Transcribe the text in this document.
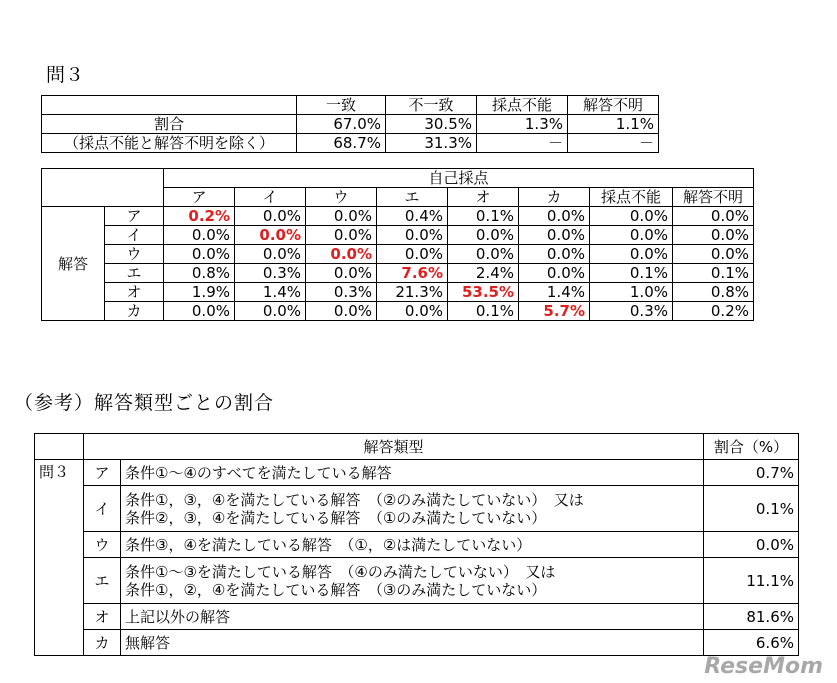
問３
	一致	不一致	採点不能	解答不明
割合	67.0%	30.5%	1.3%	1.1%
（採点不能と解答不明を除く）	68.7%	31.3%	－	－
		自己採点							
		ア	イ	ウ	エ	オ	カ	採点不能	解答不明
解答	ア	0.2%	0.0%	0.0%	0.4%	0.1%	0.0%	0.0%	0.0%
	イ	0.0%	0.0%	0.0%	0.0%	0.0%	0.0%	0.0%	0.0%
	ウ	0.0%	0.0%	0.0%	0.0%	0.0%	0.0%	0.0%	0.0%
	エ	0.8%	0.3%	0.0%	7.6%	2.4%	0.0%	0.1%	0.1%
	オ	1.9%	1.4%	0.3%	21.3%	53.5%	1.4%	1.0%	0.8%
	カ	0.0%	0.0%	0.0%	0.0%	0.1%	5.7%	0.3%	0.2%
（参考）解答類型ごとの割合
	解答類型		割合（%）
問３	ア	条件①～④のすべてを満たしている解答	0.7%
	イ	条件①，③，④を満たしている解答　（②のみ満たしていない）　又は
条件②，③，④を満たしている解答　（①のみ満たしていない）	0.1%
	ウ	条件③，④を満たしている解答　（①，②は満たしていない）	0.0%
	エ	条件①～③を満たしている解答　（④のみ満たしていない）　又は
条件①，②，④を満たしている解答　（③のみ満たしていない）	11.1%
	オ	上記以外の解答	81.6%
	カ	無解答	6.6%
ReseMom
